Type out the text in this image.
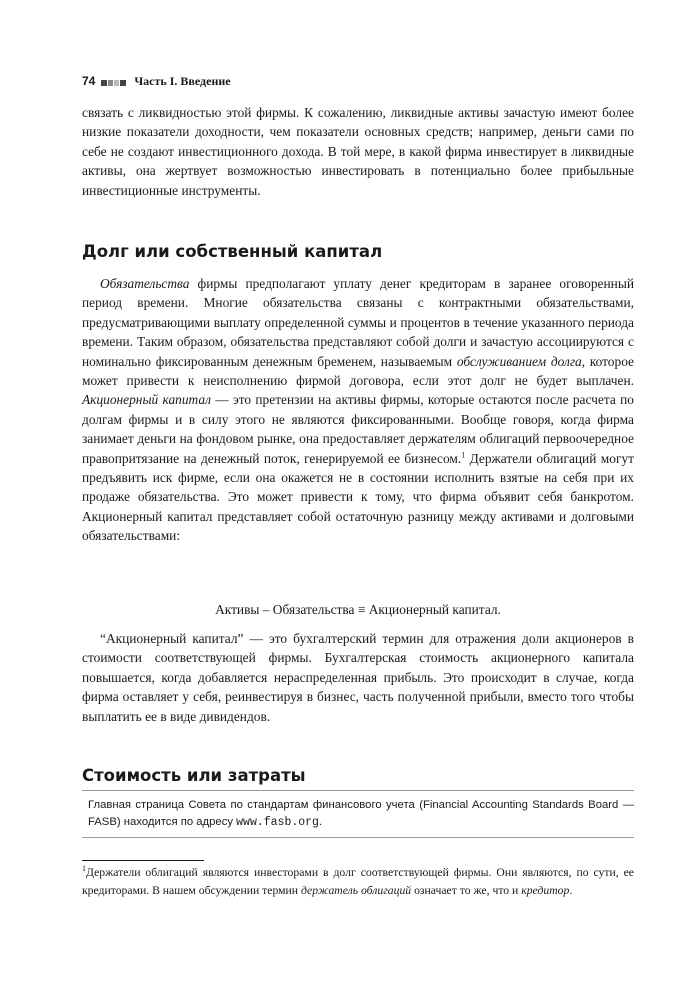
74	Часть I. Введение

связать с ликвидностью этой фирмы. К сожалению, ликвидные активы зачастую имеют более низкие показатели доходности, чем показатели основных средств; например, деньги сами по себе не создают инвестиционного дохода. В той мере, в какой фирма инвестирует в ликвидные активы, она жертвует возможностью инвестировать в потенциально более прибыльные инвестиционные инструменты.

Долг или собственный капитал

Обязательства фирмы предполагают уплату денег кредиторам в заранее оговоренный период времени. Многие обязательства связаны с контрактными обязательствами, предусматривающими выплату определенной суммы и процентов в течение указанного периода времени. Таким образом, обязательства представляют собой долги и зачастую ассоциируются с номинально фиксированным денежным бременем, называемым обслуживанием долга, которое может привести к неисполнению фирмой договора, если этот долг не будет выплачен. Акционерный капитал — это претензии на активы фирмы, которые остаются после расчета по долгам фирмы и в силу этого не являются фиксированными. Вообще говоря, когда фирма занимает деньги на фондовом рынке, она предоставляет держателям облигаций первоочередное правопритязание на денежный поток, генерируемой ее бизнесом.$^1$ Держатели облигаций могут предъявить иск фирме, если она окажется не в состоянии исполнить взятые на себя при их продаже обязательства. Это может привести к тому, что фирма объявит себя банкротом. Акционерный капитал представляет собой остаточную разницу между активами и долговыми обязательствами:

Активы – Обязательства ≡ Акционерный капитал.

“Акционерный капитал” — это бухгалтерский термин для отражения доли акционеров в стоимости соответствующей фирмы. Бухгалтерская стоимость акционерного капитала повышается, когда добавляется нераспределенная прибыль. Это происходит в случае, когда фирма оставляет у себя, реинвестируя в бизнес, часть полученной прибыли, вместо того чтобы выплатить ее в виде дивидендов.

Стоимость или затраты

Главная страница Совета по стандартам финансового учета (Financial Accounting Standards Board — FASB) находится по адресу www.fasb.org.

$^1$Держатели облигаций являются инвесторами в долг соответствующей фирмы. Они являются, по сути, ее кредиторами. В нашем обсуждении термин держатель облигаций означает то же, что и кредитор.
